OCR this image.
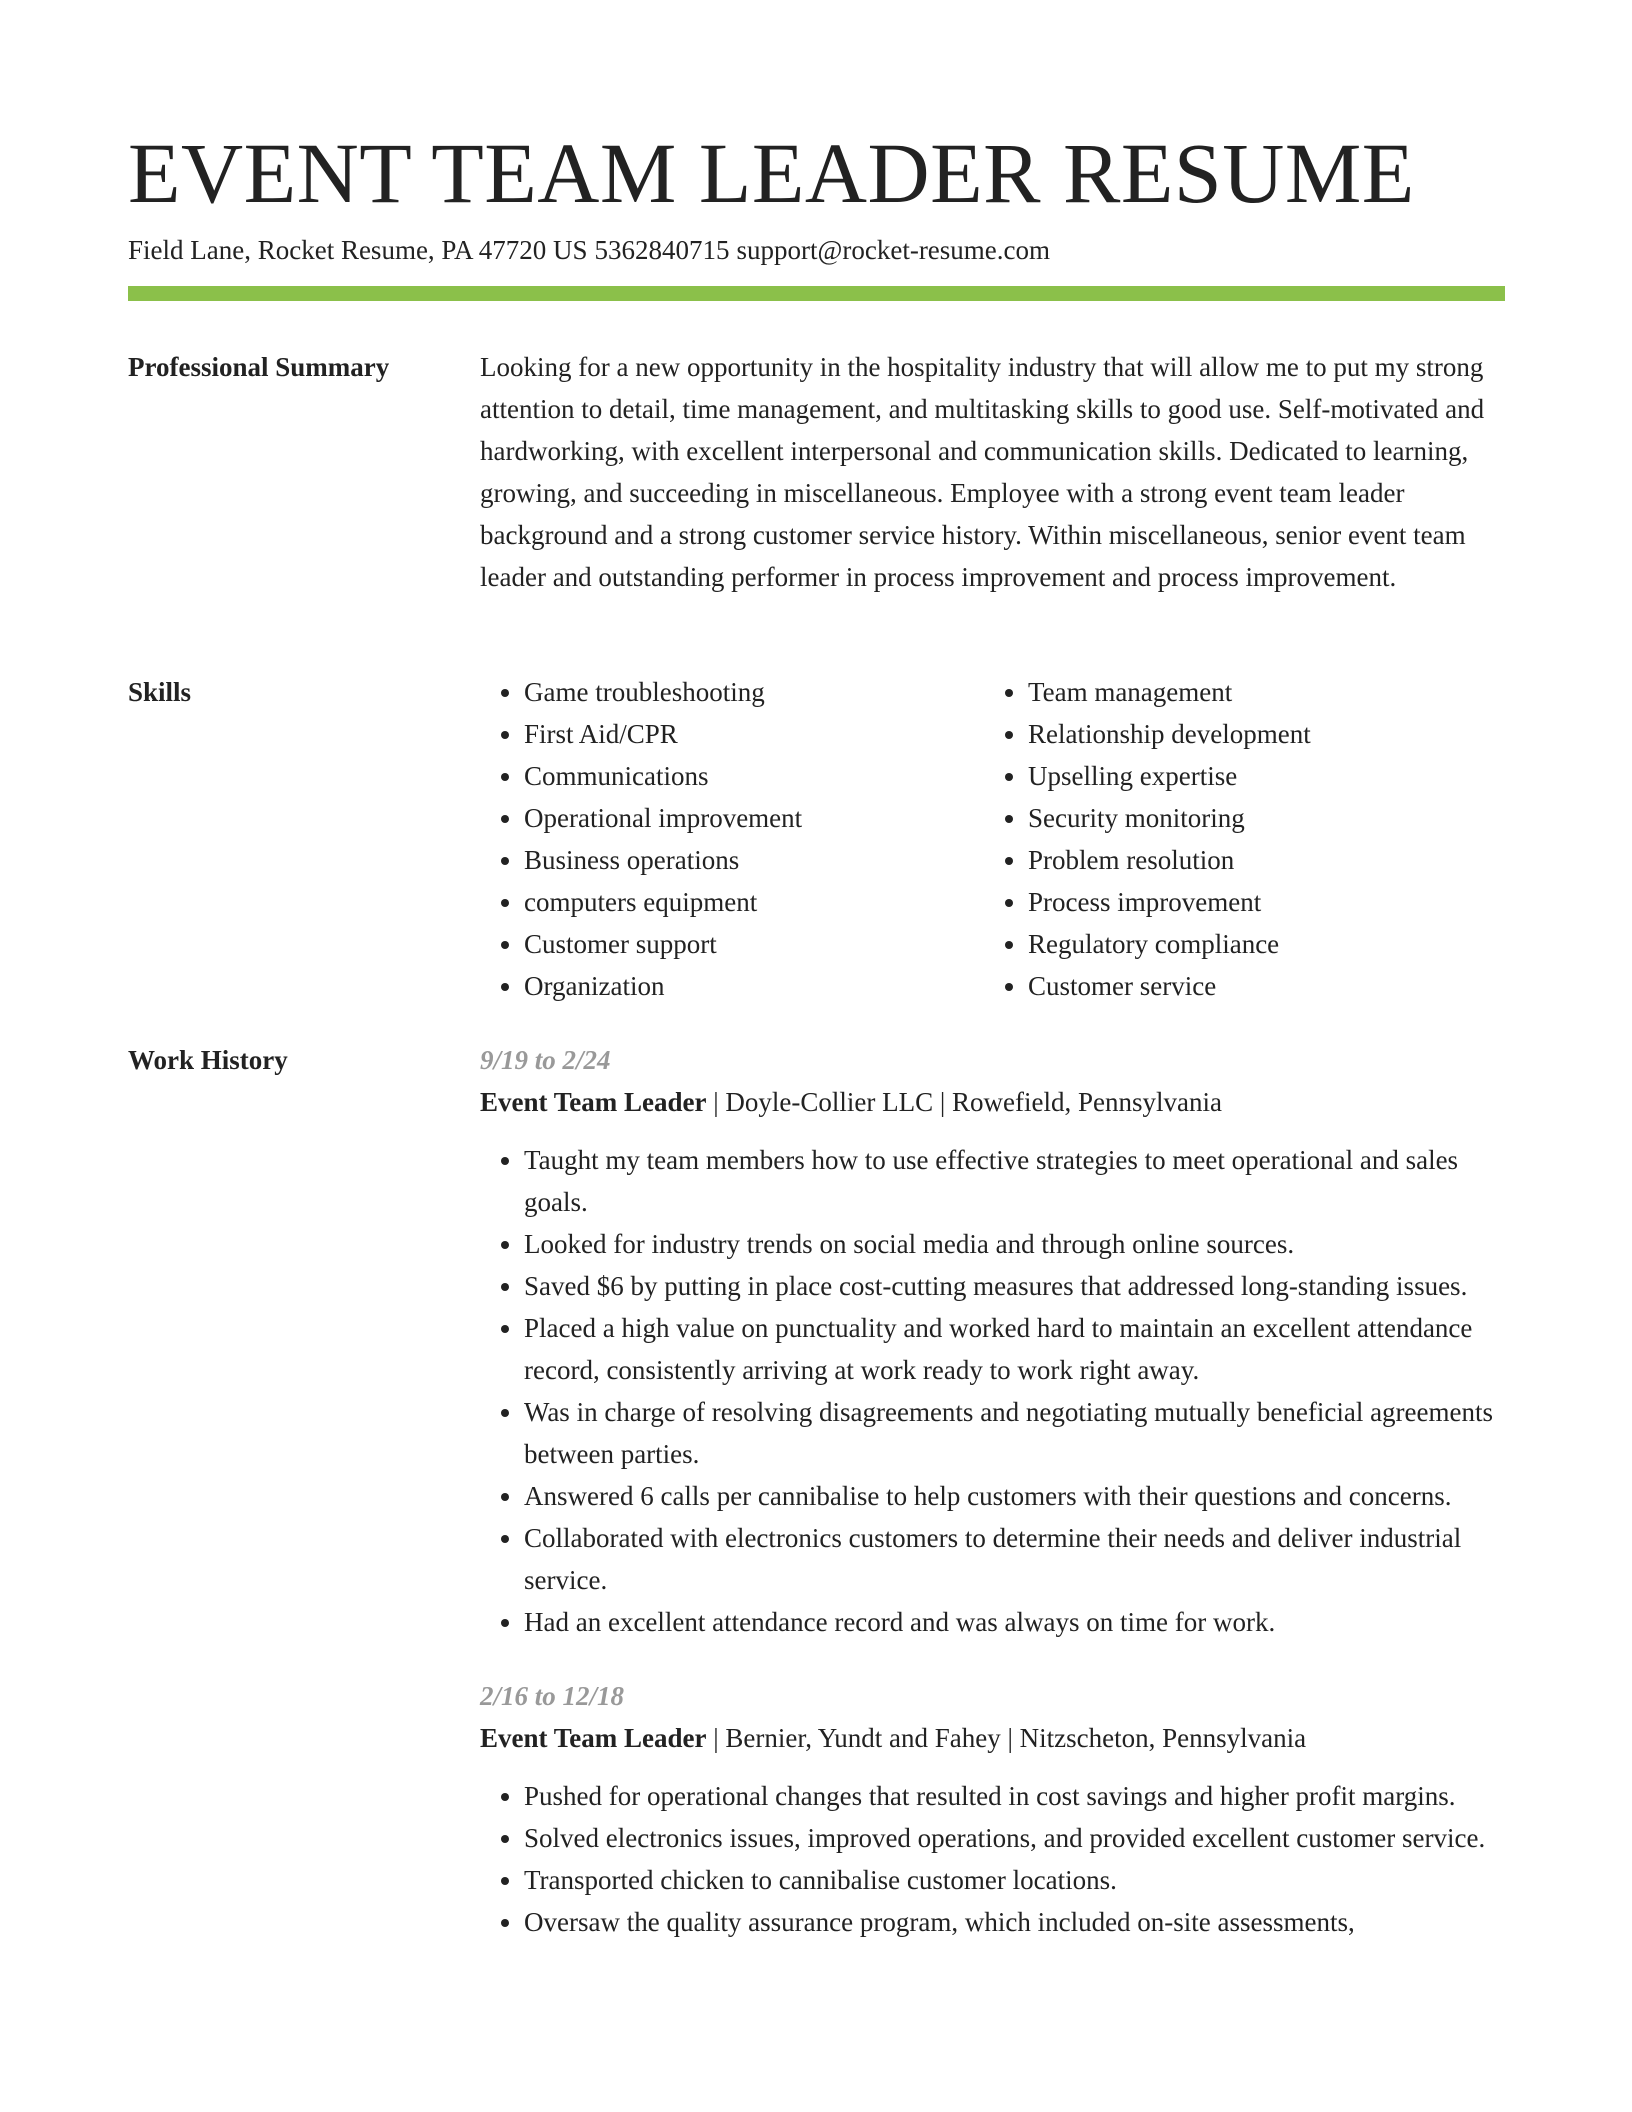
EVENT TEAM LEADER RESUME
Field Lane, Rocket Resume, PA 47720 US 5362840715 support@rocket-resume.com
Professional Summary	Looking for a new opportunity in the hospitality industry that will allow me to put my strong attention to detail, time management, and multitasking skills to good use. Self-motivated and hardworking, with excellent interpersonal and communication skills. Dedicated to learning, growing, and succeeding in miscellaneous. Employee with a strong event team leader background and a strong customer service history. Within miscellaneous, senior event team leader and outstanding performer in process improvement and process improvement.

Skills
•	Game troubleshooting
• First Aid/CPR
• Communications
• Operational improvement
• Business operations
• computers equipment
• Customer support
• Organization
• Team management
• Relationship development
• Upselling expertise
• Security monitoring
• Problem resolution
• Process improvement
• Regulatory compliance
• Customer service
Work History	9/19 to 2/24
Event Team Leader | Doyle-Collier LLC | Rowefield, Pennsylvania
• Taught my team members how to use effective strategies to meet operational and sales goals.
• Looked for industry trends on social media and through online sources.
• Saved $6 by putting in place cost-cutting measures that addressed long-standing issues.
• Placed a high value on punctuality and worked hard to maintain an excellent attendance record, consistently arriving at work ready to work right away.
• Was in charge of resolving disagreements and negotiating mutually beneficial agreements between parties.
• Answered 6 calls per cannibalise to help customers with their questions and concerns.
• Collaborated with electronics customers to determine their needs and deliver industrial service.
• Had an excellent attendance record and was always on time for work.
2/16 to 12/18
Event Team Leader | Bernier, Yundt and Fahey | Nitzscheton, Pennsylvania
• Pushed for operational changes that resulted in cost savings and higher profit margins.
• Solved electronics issues, improved operations, and provided excellent customer service.
• Transported chicken to cannibalise customer locations.
• Oversaw the quality assurance program, which included on-site assessments,
